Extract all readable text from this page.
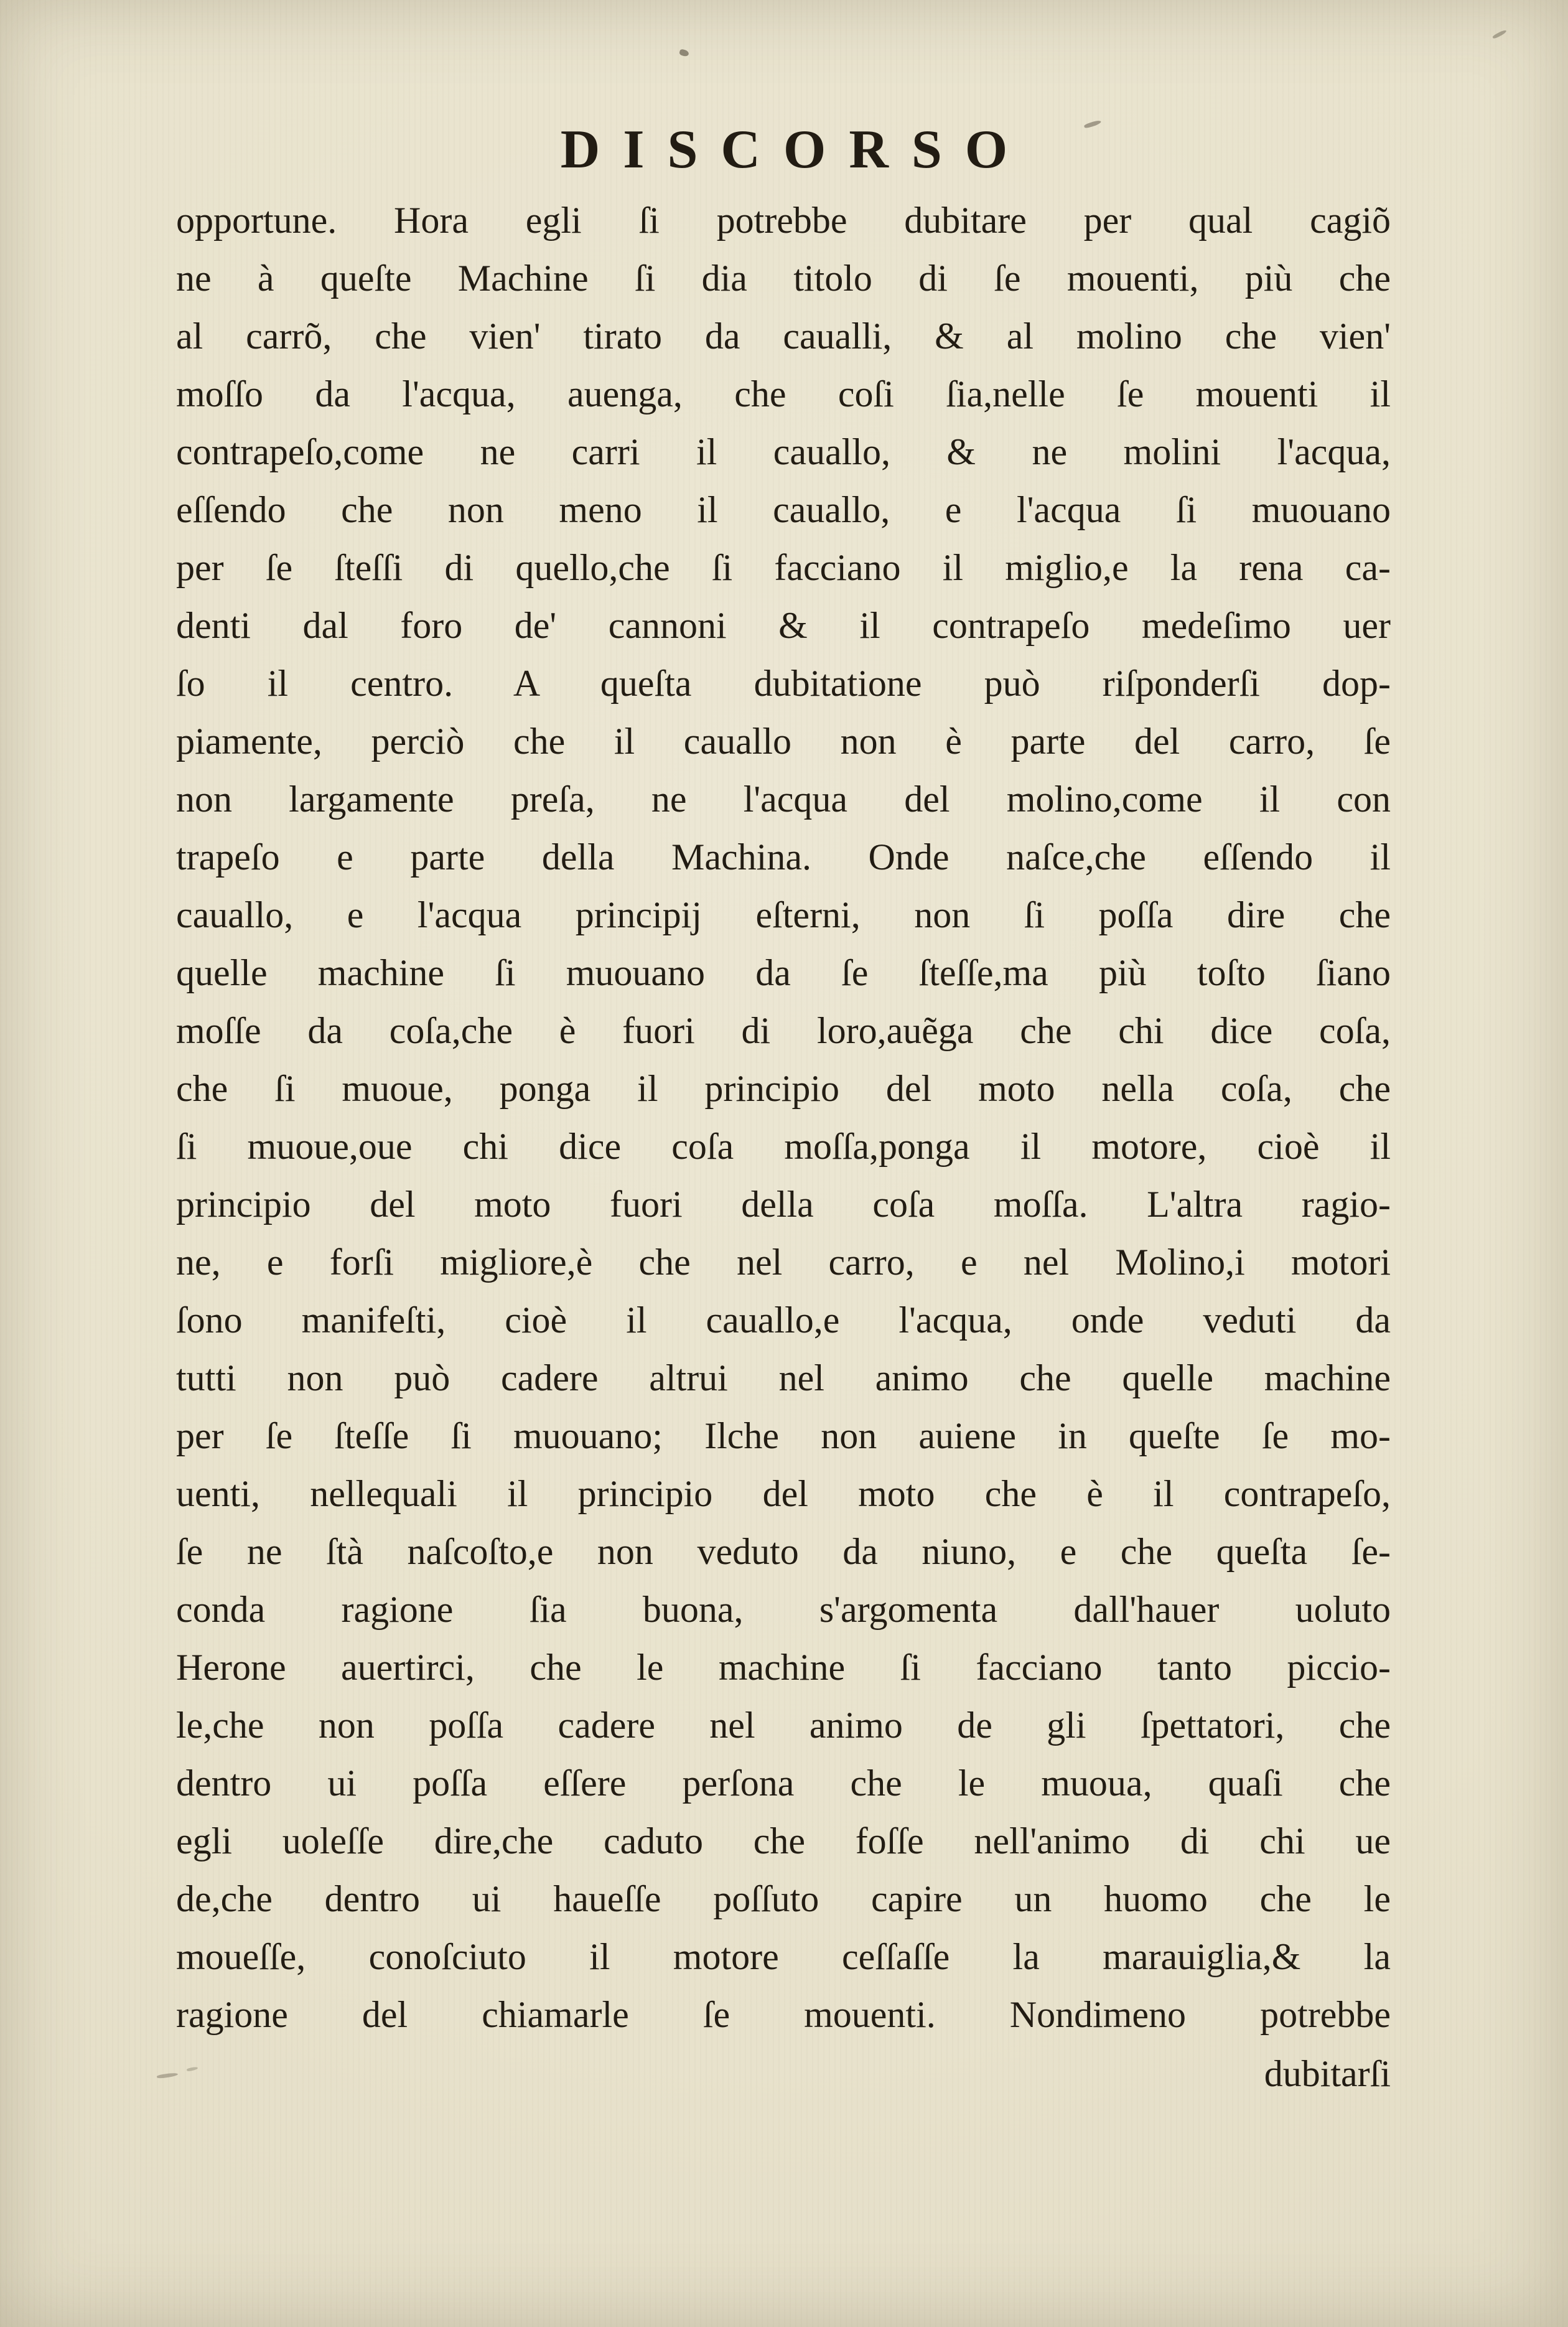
DISCORSO
opportune. Hora egli ſi potrebbe dubitare per qual cagiõ
ne à queſte Machine ſi dia titolo di ſe mouenti, più che
al carrõ, che vien' tirato da caualli, & al molino che vien'
moſſo da l'acqua, auenga, che coſi ſia,nelle ſe mouenti il
contrapeſo,come ne carri il cauallo, & ne molini l'acqua,
eſſendo che non meno il cauallo, e l'acqua ſi muouano
per ſe ſteſſi di quello,che ſi facciano il miglio,e la rena ca-
denti dal foro de' cannoni & il contrapeſo medeſimo uer
ſo il centro. A queſta dubitatione può riſponderſi dop-
piamente, perciò che il cauallo non è parte del carro, ſe
non largamente preſa, ne l'acqua del molino,come il con
trapeſo e parte della Machina. Onde naſce,che eſſendo il
cauallo, e l'acqua principij eſterni, non ſi poſſa dire che
quelle machine ſi muouano da ſe ſteſſe,ma più toſto ſiano
moſſe da coſa,che è fuori di loro,auẽga che chi dice coſa,
che ſi muoue, ponga il principio del moto nella coſa, che
ſi muoue,oue chi dice coſa moſſa,ponga il motore, cioè il
principio del moto fuori della coſa moſſa. L'altra ragio-
ne, e forſi migliore,è che nel carro, e nel Molino,i motori
ſono manifeſti, cioè il cauallo,e l'acqua, onde veduti da
tutti non può cadere altrui nel animo che quelle machine
per ſe ſteſſe ſi muouano; Ilche non auiene in queſte ſe mo-
uenti, nellequali il principio del moto che è il contrapeſo,
ſe ne ſtà naſcoſto,e non veduto da niuno, e che queſta ſe-
conda ragione ſia buona, s'argomenta dall'hauer uoluto
Herone auertirci, che le machine ſi facciano tanto piccio-
le,che non poſſa cadere nel animo de gli ſpettatori, che
dentro ui poſſa eſſere perſona che le muoua, quaſi che
egli uoleſſe dire,che caduto che foſſe nell'animo di chi ue
de,che dentro ui haueſſe poſſuto capire un huomo che le
moueſſe, conoſciuto il motore ceſſaſſe la marauiglia,& la
ragione del chiamarle ſe mouenti. Nondimeno potrebbe
dubitarſi
